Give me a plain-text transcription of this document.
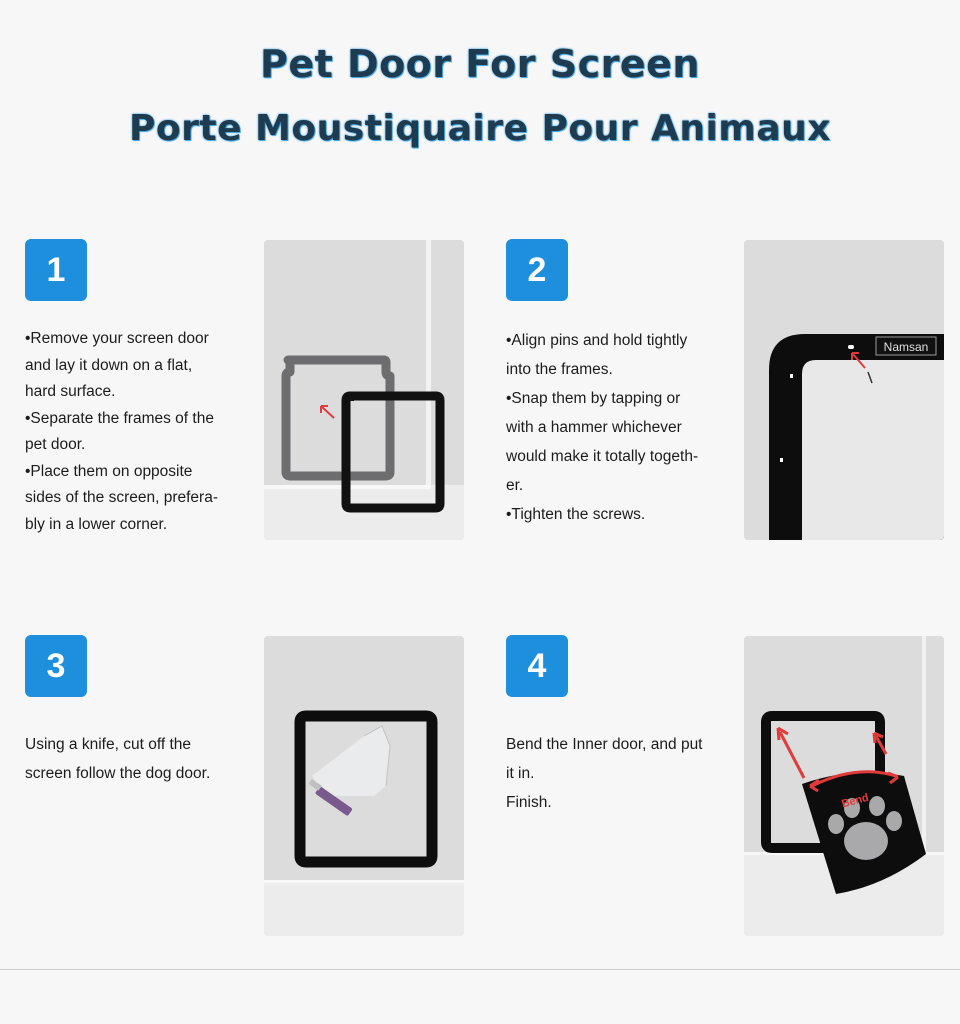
Pet Door For Screen
Porte Moustiquaire Pour Animaux
1
•Remove your screen door
and lay it down on a flat,
hard surface.
•Separate the frames of the
pet door.
•Place them on opposite
sides of the screen, prefera-
bly in a lower corner.
2
•Align pins and hold tightly
into the frames.
•Snap them by tapping or
with a hammer whichever
would make it totally togeth-
er.
•Tighten the screws.
Namsan
3
Using a knife, cut off the
screen follow the dog door.
4
Bend the Inner door, and put
it in.
Finish.	Bend
